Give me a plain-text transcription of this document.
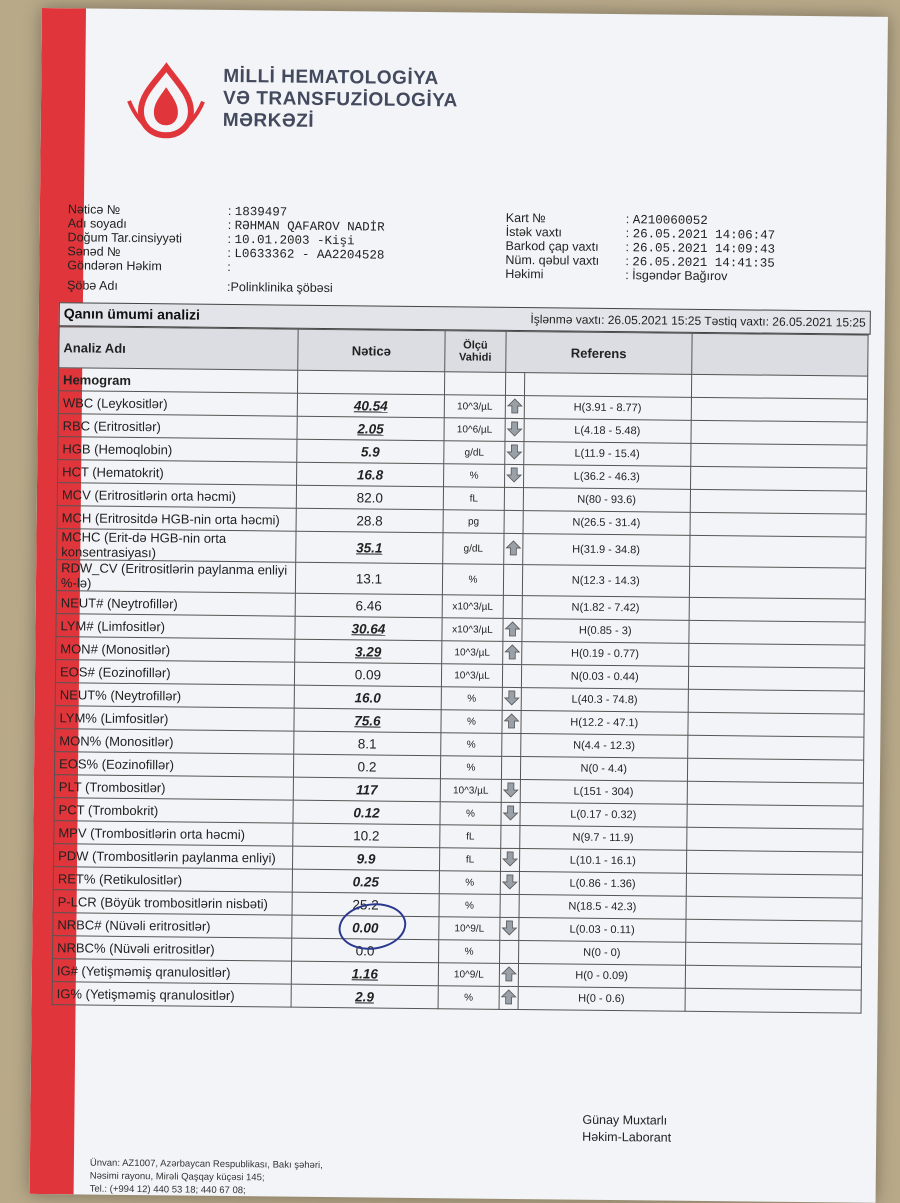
MİLLİ HEMATOLOGİYA
VƏ TRANSFUZİOLOGİYA
MƏRKƏZİ
Nəticə №	: 1839497
Adı soyadı	: RƏHMAN QAFAROV NADİR
Doğum Tar.cinsiyyəti	: 10.01.2003 -Kişi
Sənəd №	: L0633362 - AA2204528
Göndərən Həkim	:
Şöbə Adı	:Polinklinika şöbəsi
Kart №	: A210060052
İstək vaxtı	: 26.05.2021 14:06:47
Barkod çap vaxtı : 26.05.2021 14:09:43
Nüm. qəbul vaxtı : 26.05.2021 14:41:35
Həkimi	: İsgəndər Bağırov
Qanın ümumi analizi	İşlənmə vaxtı: 26.05.2021 15:25 Təstiq vaxtı: 26.05.2021 15:25
Analiz Adı	Nəticə	Ölçü Vahidi	Referens		
Hemogram					
WBC (Leykositlər)	40.54	10^3/µL		H(3.91 - 8.77)	
RBC (Eritrositlər)	2.05	10^6/µL		L(4.18 - 5.48)	
HGB (Hemoqlobin)	5.9	g/dL		L(11.9 - 15.4)	
HCT (Hematokrit)	16.8	%		L(36.2 - 46.3)	
MCV (Eritrositlərin orta həcmi)	82.0	fL		N(80 - 93.6)	
MCH (Eritrositdə HGB-nin orta həcmi)	28.8	pg		N(26.5 - 31.4)	
MCHC (Erit-də HGB-nin orta konsentrasiyası)	35.1	g/dL		H(31.9 - 34.8)	
RDW_CV (Eritrositlərin paylanma enliyi %-lə)	13.1	%		N(12.3 - 14.3)	
NEUT# (Neytrofillər)	6.46	x10^3/µL		N(1.82 - 7.42)	
LYM# (Limfositlər)	30.64	x10^3/µL		H(0.85 - 3)	
MON# (Monositlər)	3.29	10^3/µL		H(0.19 - 0.77)	
EOS# (Eozinofillər)	0.09	10^3/µL		N(0.03 - 0.44)	
NEUT% (Neytrofillər)	16.0	%		L(40.3 - 74.8)	
LYM% (Limfositlər)	75.6	%		H(12.2 - 47.1)	
MON% (Monositlər)	8.1	%		N(4.4 - 12.3)	
EOS% (Eozinofillər)	0.2	%		N(0 - 4.4)	
PLT (Trombositlər)	117	10^3/µL		L(151 - 304)	
PCT (Trombokrit)	0.12	%		L(0.17 - 0.32)	
MPV (Trombositlərin orta həcmi)	10.2	fL		N(9.7 - 11.9)	
PDW (Trombositlərin paylanma enliyi)	9.9	fL		L(10.1 - 16.1)	
RET% (Retikulositlər)	0.25	%		L(0.86 - 1.36)	
P-LCR (Böyük trombositlərin nisbəti)	25.2	%		N(18.5 - 42.3)	
NRBC# (Nüvəli eritrositlər)	0.00	10^9/L		L(0.03 - 0.11)	
NRBC% (Nüvəli eritrositlər)	0.0	%		N(0 - 0)	
IG# (Yetişməmiş qranulositlər)	1.16	10^9/L		H(0 - 0.09)	
IG% (Yetişməmiş qranulositlər)	2.9	%		H(0 - 0.6)	
Günay Muxtarlı
Həkim-Laborant
Ünvan: AZ1007, Azərbaycan Respublikası, Bakı şəhəri,
Nəsimi rayonu, Mirəli Qaşqay küçəsi 145;
Tel.: (+994 12) 440 53 18; 440 67 08;
